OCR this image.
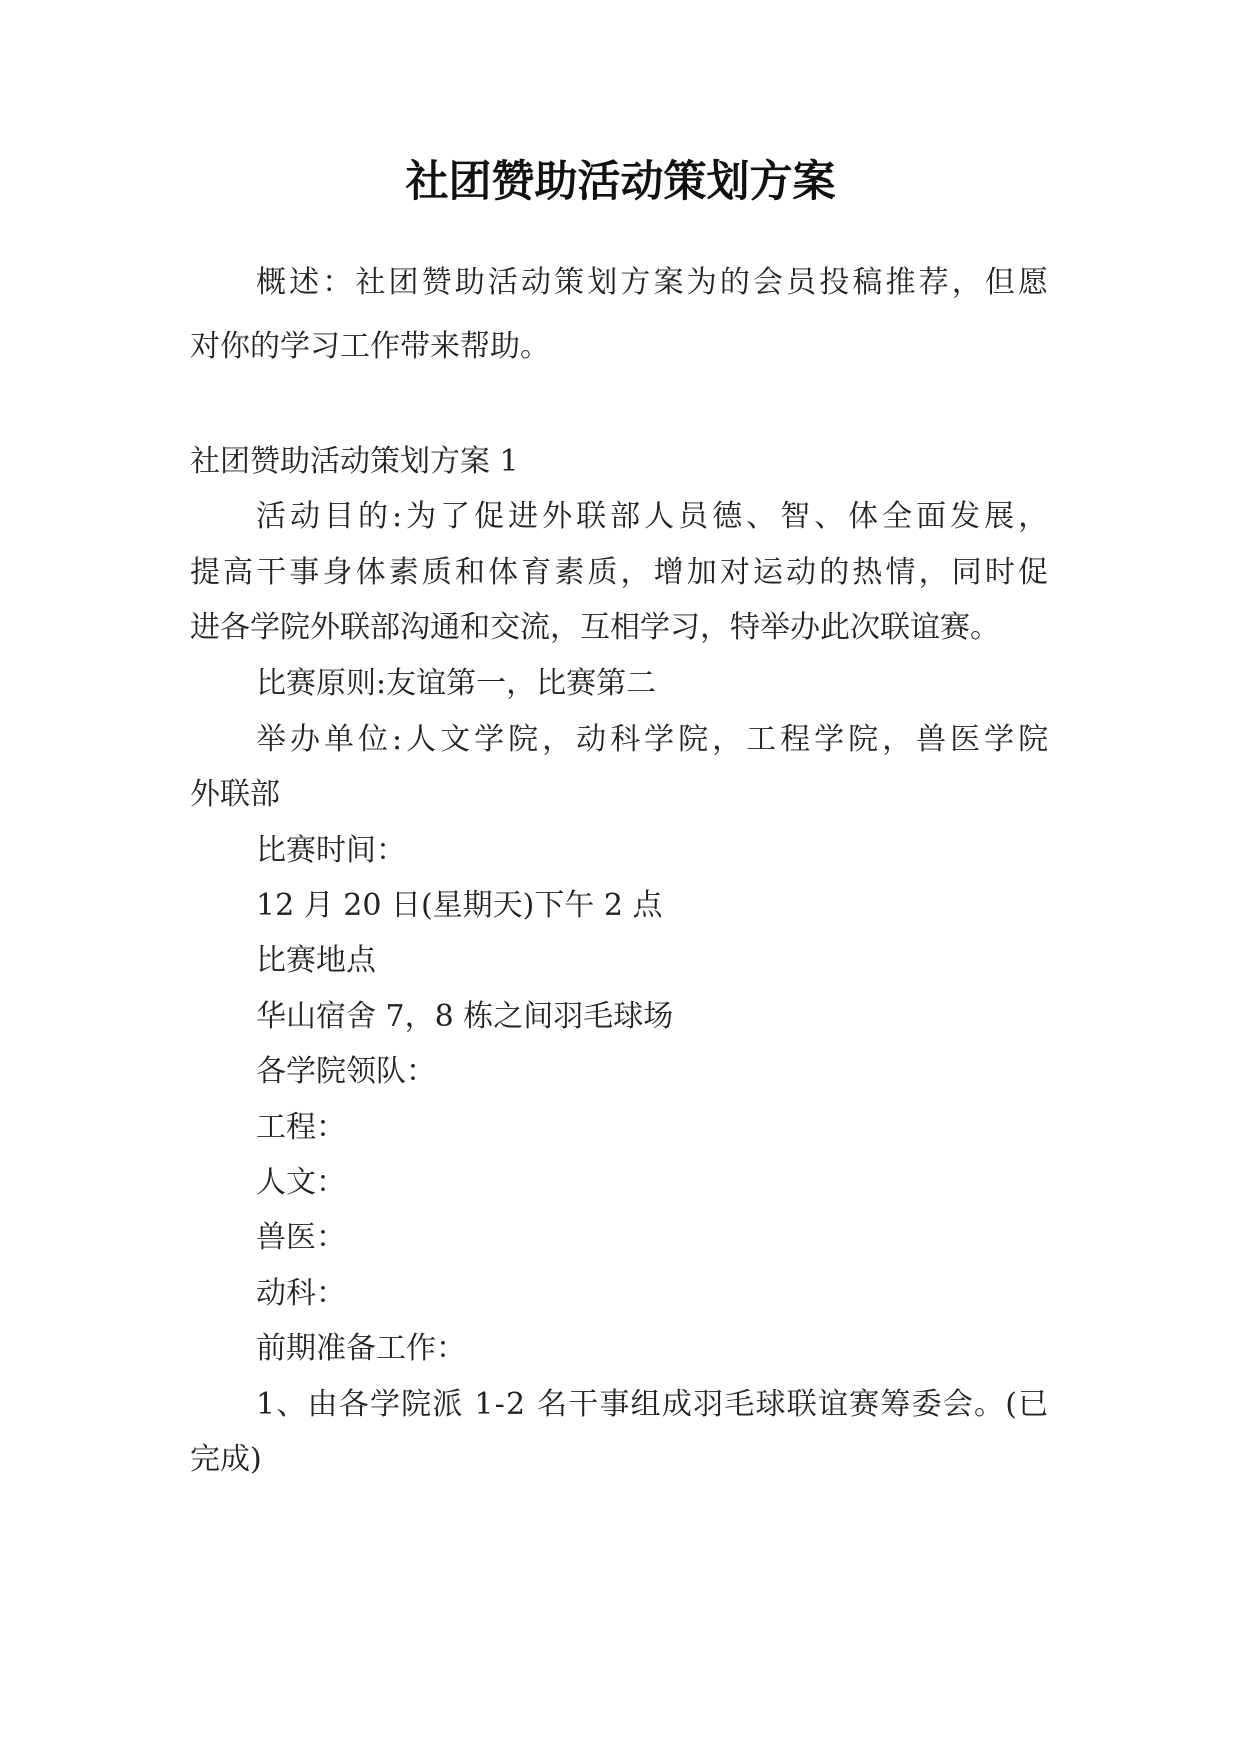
社团赞助活动策划方案
概述：社团赞助活动策划方案为的会员投稿推荐，但愿
对你的学习工作带来帮助。
社团赞助活动策划方案 1
活动目的:为了促进外联部人员德、智、体全面发展，
提高干事身体素质和体育素质，增加对运动的热情，同时促
进各学院外联部沟通和交流，互相学习，特举办此次联谊赛。
比赛原则:友谊第一，比赛第二
举办单位:人文学院，动科学院，工程学院，兽医学院
外联部
比赛时间：
12 月 20 日(星期天)下午 2 点
比赛地点
华山宿舍 7，8 栋之间羽毛球场
各学院领队：
工程：
人文：
兽医：
动科：
前期准备工作：
1、由各学院派 1-2 名干事组成羽毛球联谊赛筹委会。(已
完成)
